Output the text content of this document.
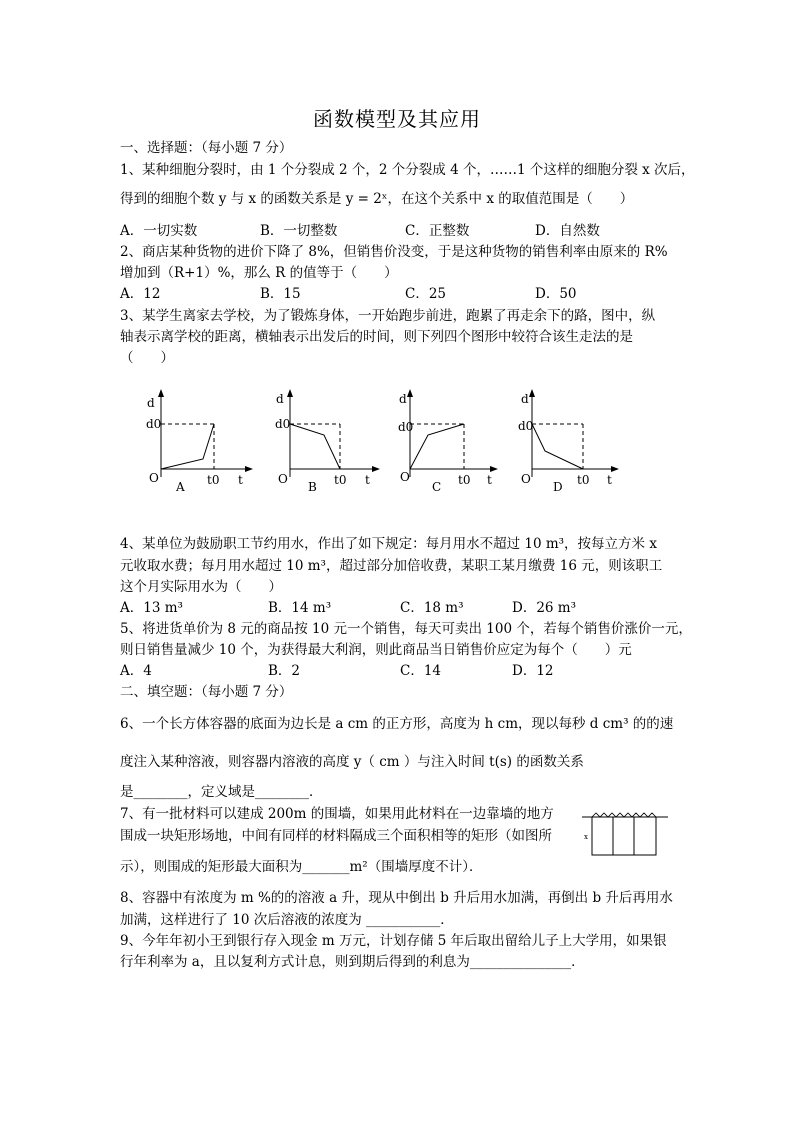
函数模型及其应用
一、选择题：（每小题 7 分）
1、某种细胞分裂时，由 1 个分裂成 2 个，2 个分裂成 4 个，……1 个这样的细胞分裂 x 次后，
得到的细胞个数 y 与 x 的函数关系是 y = 2ˣ，在这个关系中 x 的取值范围是（　　）
A．一切实数	B．一切整数	C．正整数	D．自然数
2、商店某种货物的进价下降了 8%，但销售价没变，于是这种货物的销售利率由原来的 R%
增加到（R+1）%，那么 R 的值等于（　　）
A．12	B．15	C．25	D．50
3、某学生离家去学校，为了锻炼身体，一开始跑步前进，跑累了再走余下的路，图中，纵
轴表示离学校的距离，横轴表示出发后的时间，则下列四个图形中较符合该生走法的是
（　　）
d
d0
O	t0 t
A
d
d0
O	t0 t
B
d
d0
O	t0 t
C
d
d0
O	t0 t
D
4、某单位为鼓励职工节约用水，作出了如下规定：每月用水不超过 10 m³，按每立方米 x
元收取水费；每月用水超过 10 m³，超过部分加倍收费，某职工某月缴费 16 元，则该职工
这个月实际用水为（　　）
A．13 m³	B．14 m³	C．18 m³	D．26 m³
5、将进货单价为 8 元的商品按 10 元一个销售，每天可卖出 100 个，若每个销售价涨价一元，
则日销售量减少 10 个，为获得最大利润，则此商品当日销售价应定为每个（　　）元
A．4	B．2	C．14	D．12
二、填空题：（每小题 7 分）
6、一个长方体容器的底面为边长是 a cm 的正方形，高度为 h cm，现以每秒 d cm³ 的的速
度注入某种溶液，则容器内溶液的高度 y（ cm ）与注入时间 t(s) 的函数关系
是________，定义域是________．
7、有一批材料可以建成 200m 的围墙，如果用此材料在一边靠墙的地方
围成一块矩形场地，中间有同样的材料隔成三个面积相等的矩形（如图所
示），则围成的矩形最大面积为_______m²（围墙厚度不计）．
x
8、容器中有浓度为 m %的的溶液 a 升，现从中倒出 b 升后用水加满，再倒出 b 升后再用水
加满，这样进行了 10 次后溶液的浓度为 ___________．
9、今年年初小王到银行存入现金 m 万元，计划存储 5 年后取出留给儿子上大学用，如果银
行年利率为 a，且以复利方式计息，则到期后得到的利息为_______________．
